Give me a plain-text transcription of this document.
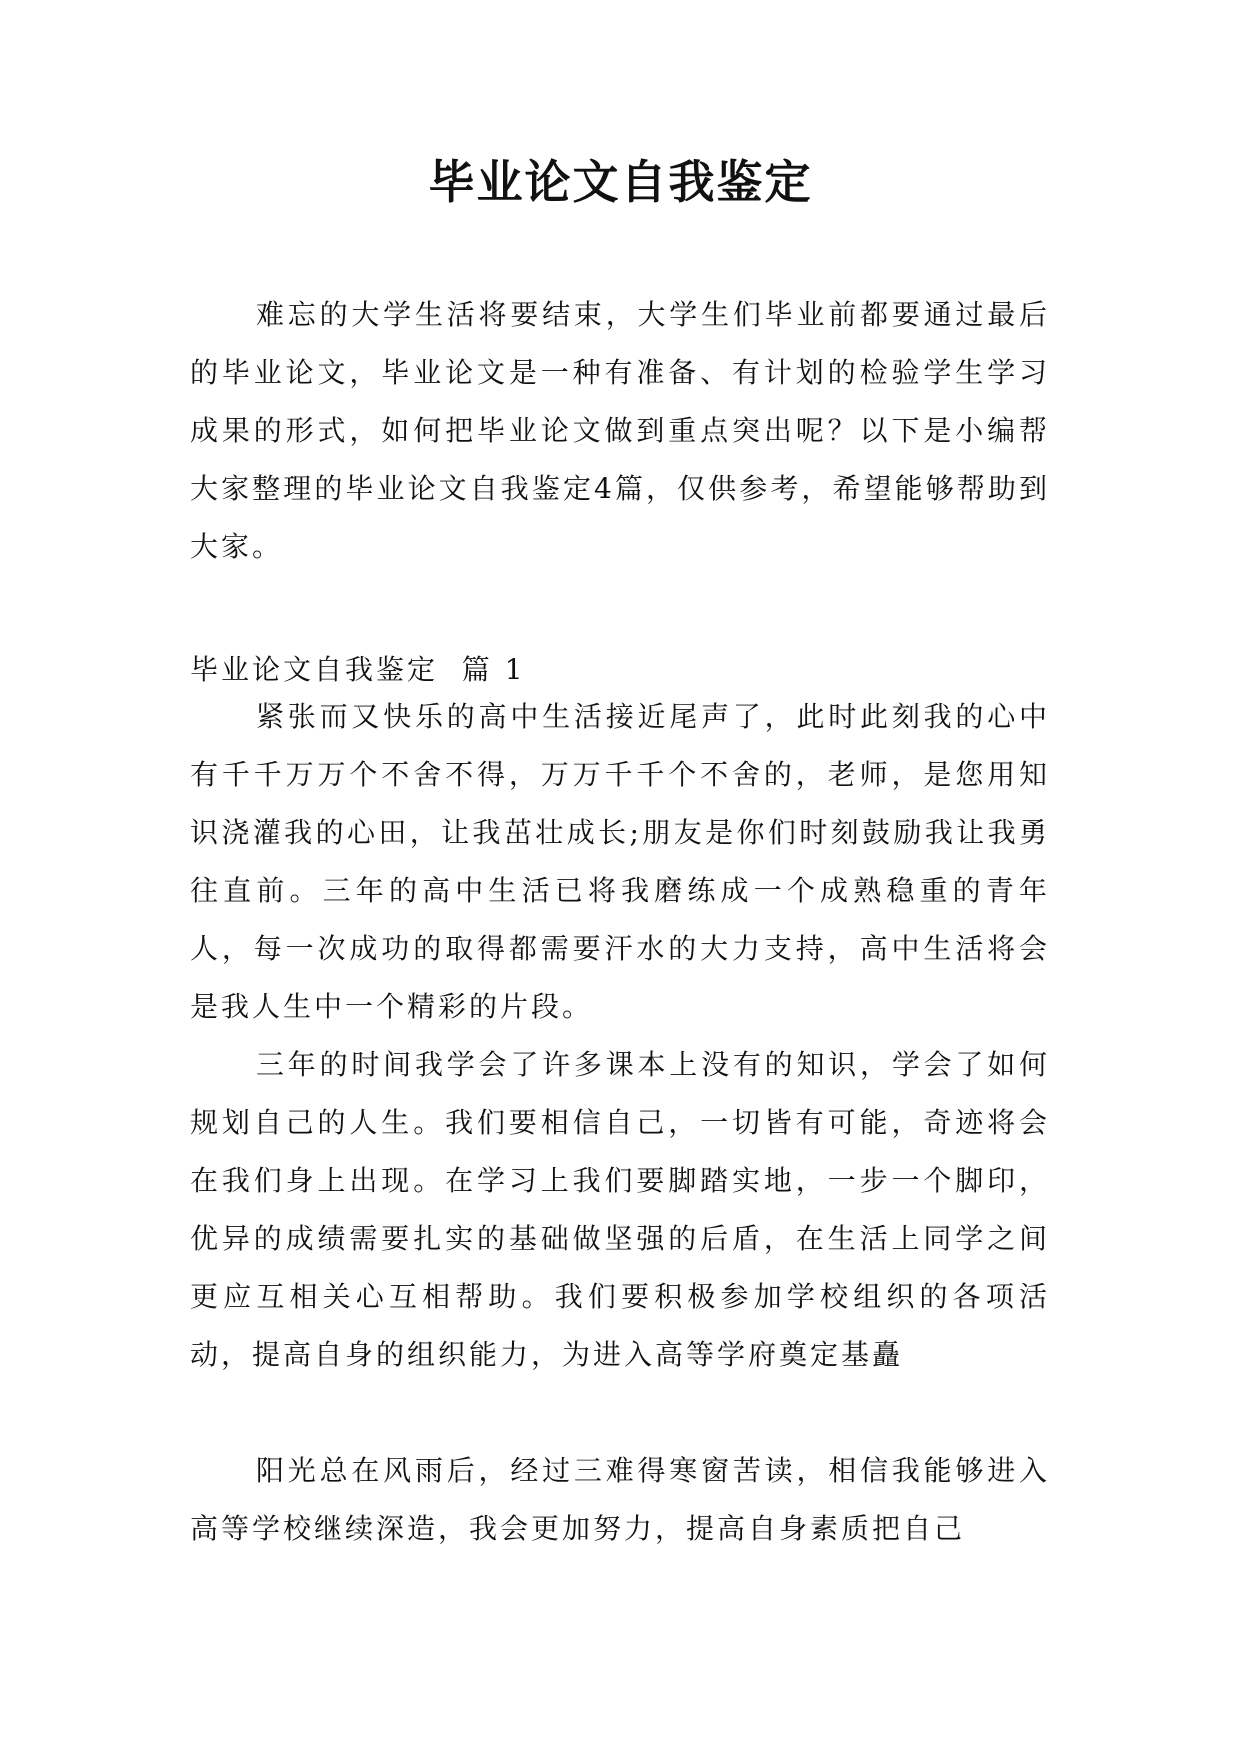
毕业论文自我鉴定

难忘的大学生活将要结束，大学生们毕业前都要通过最后的毕业论文，毕业论文是一种有准备、有计划的检验学生学习成果的形式，如何把毕业论文做到重点突出呢？以下是小编帮大家整理的毕业论文自我鉴定4篇，仅供参考，希望能够帮助到大家。

毕业论文自我鉴定  篇 1

紧张而又快乐的高中生活接近尾声了，此时此刻我的心中有千千万万个不舍不得，万万千千个不舍的，老师，是您用知识浇灌我的心田，让我茁壮成长;朋友是你们时刻鼓励我让我勇往直前。三年的高中生活已将我磨练成一个成熟稳重的青年人，每一次成功的取得都需要汗水的大力支持，高中生活将会是我人生中一个精彩的片段。

三年的时间我学会了许多课本上没有的知识，学会了如何规划自己的人生。我们要相信自己，一切皆有可能，奇迹将会在我们身上出现。在学习上我们要脚踏实地，一步一个脚印，优异的成绩需要扎实的基础做坚强的后盾，在生活上同学之间更应互相关心互相帮助。我们要积极参加学校组织的各项活动，提高自身的组织能力，为进入高等学府奠定基矗

阳光总在风雨后，经过三难得寒窗苦读，相信我能够进入高等学校继续深造，我会更加努力，提高自身素质把自己
